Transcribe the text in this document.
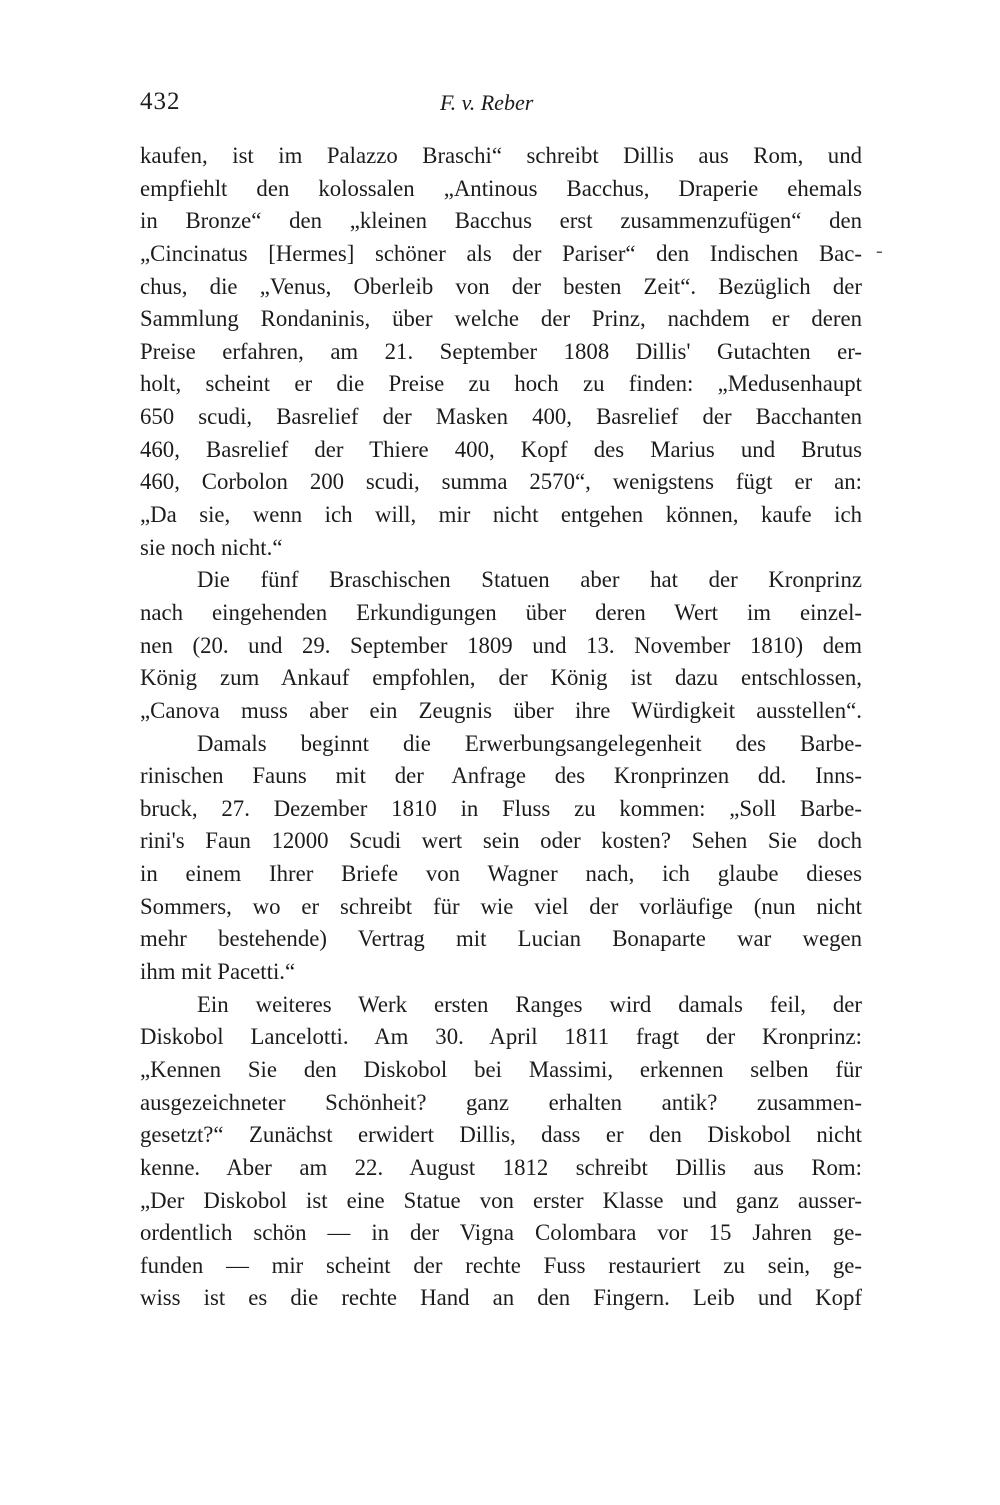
432	F. v. Reber
-
kaufen, ist im Palazzo Braschi“ schreibt Dillis aus Rom, und
empfiehlt den kolossalen „Antinous Bacchus, Draperie ehemals
in Bronze“ den „kleinen Bacchus erst zusammenzufügen“ den
„Cincinatus [Hermes] schöner als der Pariser“ den Indischen Bac-
chus, die „Venus, Oberleib von der besten Zeit“. Bezüglich der
Sammlung Rondaninis, über welche der Prinz, nachdem er deren
Preise erfahren, am 21. September 1808 Dillis' Gutachten er-
holt, scheint er die Preise zu hoch zu finden: „Medusenhaupt
650 scudi, Basrelief der Masken 400, Basrelief der Bacchanten
460, Basrelief der Thiere 400, Kopf des Marius und Brutus
460, Corbolon 200 scudi, summa 2570“, wenigstens fügt er an:
„Da sie, wenn ich will, mir nicht entgehen können, kaufe ich
sie noch nicht.“
Die fünf Braschischen Statuen aber hat der Kronprinz
nach eingehenden Erkundigungen über deren Wert im einzel-
nen (20. und 29. September 1809 und 13. November 1810) dem
König zum Ankauf empfohlen, der König ist dazu entschlossen,
„Canova muss aber ein Zeugnis über ihre Würdigkeit ausstellen“.
Damals beginnt die Erwerbungsangelegenheit des Barbe-
rinischen Fauns mit der Anfrage des Kronprinzen dd. Inns-
bruck, 27. Dezember 1810 in Fluss zu kommen: „Soll Barbe-
rini's Faun 12000 Scudi wert sein oder kosten? Sehen Sie doch
in einem Ihrer Briefe von Wagner nach, ich glaube dieses
Sommers, wo er schreibt für wie viel der vorläufige (nun nicht
mehr bestehende) Vertrag mit Lucian Bonaparte war wegen
ihm mit Pacetti.“
Ein weiteres Werk ersten Ranges wird damals feil, der
Diskobol Lancelotti. Am 30. April 1811 fragt der Kronprinz:
„Kennen Sie den Diskobol bei Massimi, erkennen selben für
ausgezeichneter Schönheit? ganz erhalten antik? zusammen-
gesetzt?“ Zunächst erwidert Dillis, dass er den Diskobol nicht
kenne. Aber am 22. August 1812 schreibt Dillis aus Rom:
„Der Diskobol ist eine Statue von erster Klasse und ganz ausser-
ordentlich schön — in der Vigna Colombara vor 15 Jahren ge-
funden — mir scheint der rechte Fuss restauriert zu sein, ge-
wiss ist es die rechte Hand an den Fingern. Leib und Kopf
